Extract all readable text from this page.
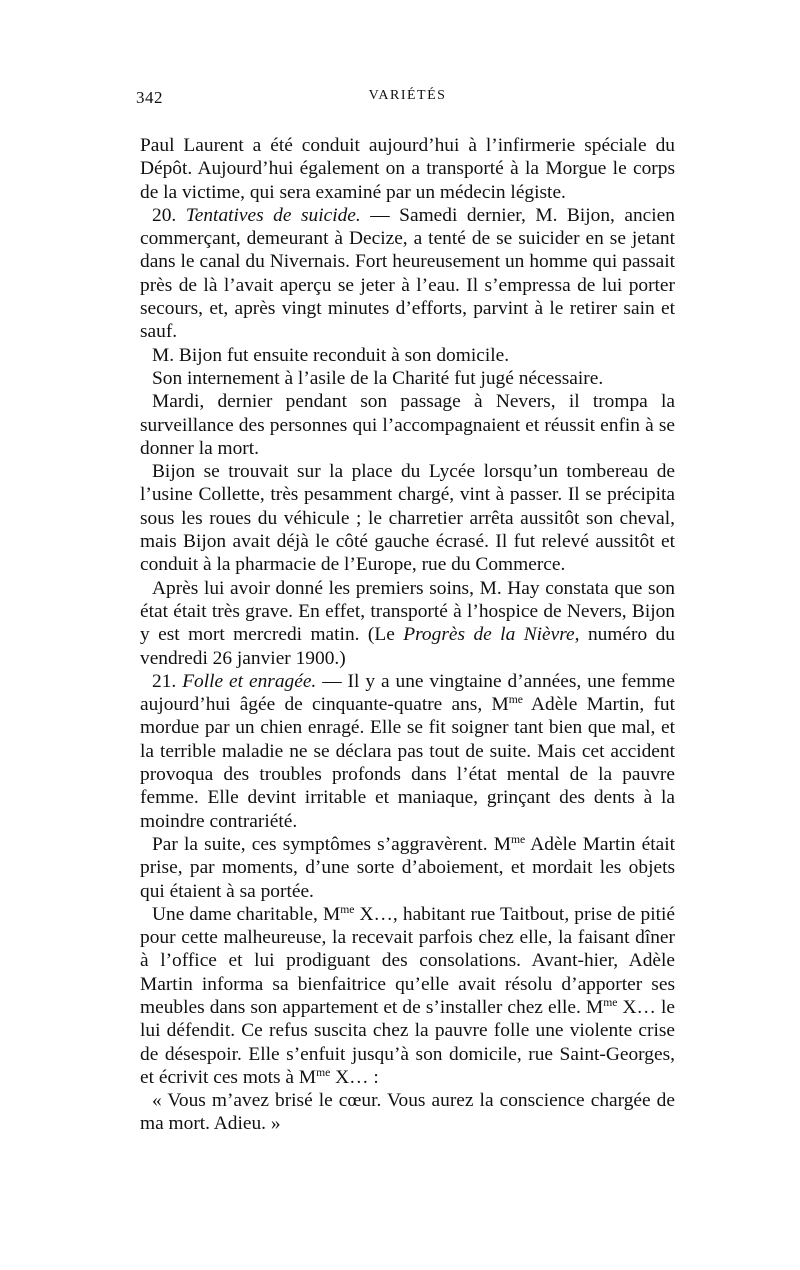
342	VARIÉTÉS

Paul Laurent a été conduit aujourd’hui à l’infirmerie spéciale du Dépôt. Aujourd’hui également on a transporté à la Morgue le corps de la victime, qui sera examiné par un médecin légiste.

20. Tentatives de suicide. — Samedi dernier, M. Bijon, ancien commerçant, demeurant à Decize, a tenté de se suicider en se jetant dans le canal du Nivernais. Fort heureusement un homme qui passait près de là l’avait aperçu se jeter à l’eau. Il s’empressa de lui porter secours, et, après vingt minutes d’efforts, parvint à le retirer sain et sauf.

M. Bijon fut ensuite reconduit à son domicile.

Son internement à l’asile de la Charité fut jugé nécessaire.

Mardi, dernier pendant son passage à Nevers, il trompa la surveillance des personnes qui l’accompagnaient et réussit enfin à se donner la mort.

Bijon se trouvait sur la place du Lycée lorsqu’un tombereau de l’usine Collette, très pesamment chargé, vint à passer. Il se précipita sous les roues du véhicule ; le charretier arrêta aussitôt son cheval, mais Bijon avait déjà le côté gauche écrasé. Il fut relevé aussitôt et conduit à la pharmacie de l’Europe, rue du Commerce.

Après lui avoir donné les premiers soins, M. Hay constata que son état était très grave. En effet, transporté à l’hospice de Nevers, Bijon y est mort mercredi matin. (Le Progrès de la Nièvre, numéro du vendredi 26 janvier 1900.)

21. Folle et enragée. — Il y a une vingtaine d’années, une femme aujourd’hui âgée de cinquante-quatre ans, $M^{me}$ Adèle Martin, fut mordue par un chien enragé. Elle se fit soigner tant bien que mal, et la terrible maladie ne se déclara pas tout de suite. Mais cet accident provoqua des troubles profonds dans l’état mental de la pauvre femme. Elle devint irritable et maniaque, grinçant des dents à la moindre contrariété.

Par la suite, ces symptômes s’aggravèrent. $M^{me}$ Adèle Martin était prise, par moments, d’une sorte d’aboiement, et mordait les objets qui étaient à sa portée.

Une dame charitable, $M^{me}$ X…, habitant rue Taitbout, prise de pitié pour cette malheureuse, la recevait parfois chez elle, la faisant dîner à l’office et lui prodiguant des consolations. Avant-hier, Adèle Martin informa sa bienfaitrice qu’elle avait résolu d’apporter ses meubles dans son appartement et de s’installer chez elle. $M^{me}$ X… le lui défendit. Ce refus suscita chez la pauvre folle une violente crise de désespoir. Elle s’enfuit jusqu’à son domicile, rue Saint-Georges, et écrivit ces mots à $M^{me}$ X… :

« Vous m’avez brisé le cœur. Vous aurez la conscience chargée de ma mort. Adieu. »
